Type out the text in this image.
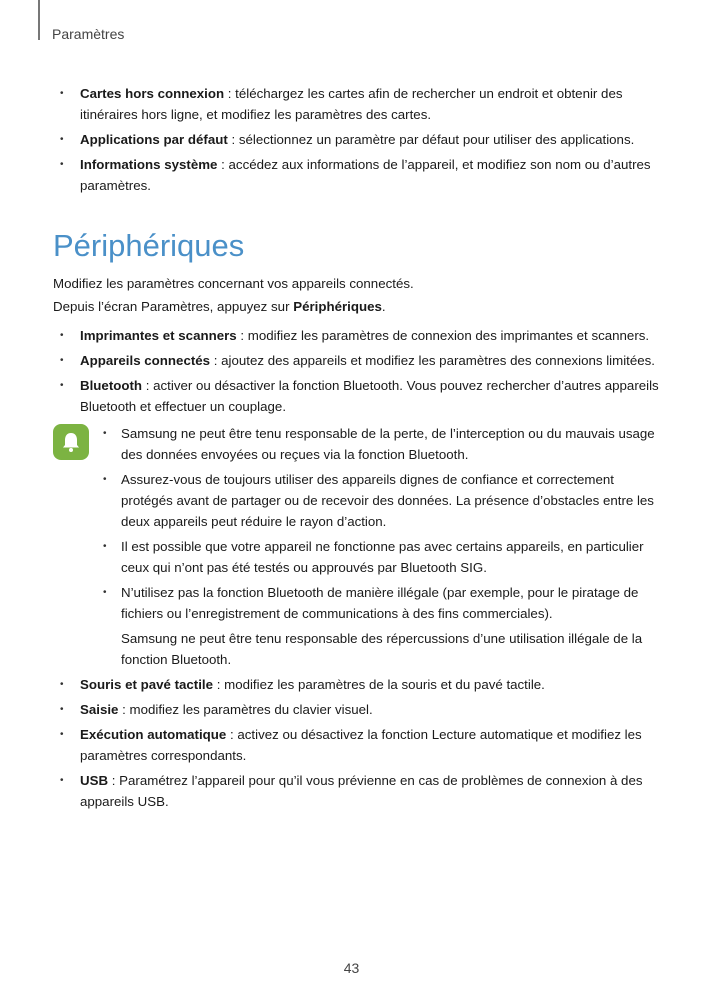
Paramètres
• Cartes hors connexion : téléchargez les cartes afin de rechercher un endroit et obtenir des itinéraires hors ligne, et modifiez les paramètres des cartes.
• Applications par défaut : sélectionnez un paramètre par défaut pour utiliser des applications.
• Informations système : accédez aux informations de l’appareil, et modifiez son nom ou d’autres paramètres.
Périphériques

Modifiez les paramètres concernant vos appareils connectés.

Depuis l’écran Paramètres, appuyez sur Périphériques.

• Imprimantes et scanners : modifiez les paramètres de connexion des imprimantes et scanners.
• Appareils connectés : ajoutez des appareils et modifiez les paramètres des connexions limitées.
• Bluetooth : activer ou désactiver la fonction Bluetooth. Vous pouvez rechercher d’autres appareils Bluetooth et effectuer un couplage.
• Samsung ne peut être tenu responsable de la perte, de l’interception ou du mauvais usage des données envoyées ou reçues via la fonction Bluetooth.
• Assurez-vous de toujours utiliser des appareils dignes de confiance et correctement protégés avant de partager ou de recevoir des données. La présence d’obstacles entre les deux appareils peut réduire le rayon d’action.
• Il est possible que votre appareil ne fonctionne pas avec certains appareils, en particulier ceux qui n’ont pas été testés ou approuvés par Bluetooth SIG.
• N’utilisez pas la fonction Bluetooth de manière illégale (par exemple, pour le piratage de fichiers ou l’enregistrement de communications à des fins commerciales).
Samsung ne peut être tenu responsable des répercussions d’une utilisation illégale de la fonction Bluetooth.
• Souris et pavé tactile : modifiez les paramètres de la souris et du pavé tactile.
• Saisie : modifiez les paramètres du clavier visuel.
• Exécution automatique : activez ou désactivez la fonction Lecture automatique et modifiez les paramètres correspondants.
• USB : Paramétrez l’appareil pour qu’il vous prévienne en cas de problèmes de connexion à des appareils USB.
43
